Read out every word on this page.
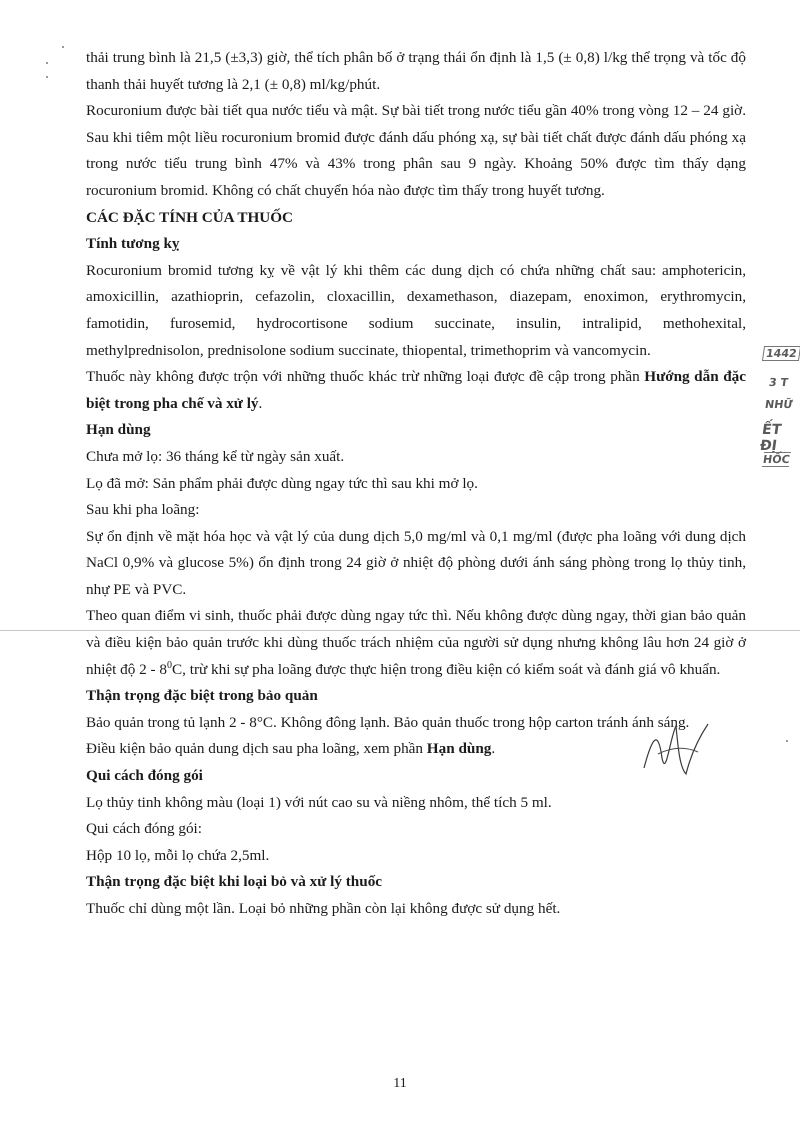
thải trung bình là 21,5 (±3,3) giờ, thể tích phân bố ở trạng thái ổn định là 1,5 (± 0,8) l/kg thể trọng và tốc độ thanh thải huyết tương là 2,1 (± 0,8) ml/kg/phút.

Rocuronium được bài tiết qua nước tiểu và mật. Sự bài tiết trong nước tiểu gần 40% trong vòng 12 – 24 giờ. Sau khi tiêm một liều rocuronium bromid được đánh dấu phóng xạ, sự bài tiết chất được đánh dấu phóng xạ trong nước tiểu trung bình 47% và 43% trong phân sau 9 ngày. Khoảng 50% được tìm thấy dạng rocuronium bromid. Không có chất chuyển hóa nào được tìm thấy trong huyết tương.

CÁC ĐẶC TÍNH CỦA THUỐC
Tính tương kỵ

Rocuronium bromid tương kỵ về vật lý khi thêm các dung dịch có chứa những chất sau: amphotericin, amoxicillin, azathioprin, cefazolin, cloxacillin, dexamethason, diazepam, enoximon, erythromycin, famotidin, furosemid, hydrocortisone sodium succinate, insulin, intralipid, methohexital, methylprednisolon, prednisolone sodium succinate, thiopental, trimethoprim và vancomycin.

Thuốc này không được trộn với những thuốc khác trừ những loại được đề cập trong phần Hướng dẫn đặc biệt trong pha chế và xử lý.

Hạn dùng

Chưa mở lọ: 36 tháng kể từ ngày sản xuất.

Lọ đã mở: Sản phẩm phải được dùng ngay tức thì sau khi mở lọ.

Sau khi pha loãng:

Sự ổn định về mặt hóa học và vật lý của dung dịch 5,0 mg/ml và 0,1 mg/ml (được pha loãng với dung dịch NaCl 0,9% và glucose 5%) ổn định trong 24 giờ ở nhiệt độ phòng dưới ánh sáng phòng trong lọ thủy tinh, nhự PE và PVC.

Theo quan điểm vi sinh, thuốc phải được dùng ngay tức thì. Nếu không được dùng ngay, thời gian bảo quản và điều kiện bảo quản trước khi dùng thuốc trách nhiệm của người sử dụng nhưng không lâu hơn 24 giờ ở nhiệt độ $2 - 8^0C$, trừ khi sự pha loãng được thực hiện trong điều kiện có kiểm soát và đánh giá vô khuẩn.

Thận trọng đặc biệt trong bảo quản

Bảo quản trong tủ lạnh 2 - 8°C. Không đông lạnh. Bảo quản thuốc trong hộp carton tránh ánh sáng.

Điều kiện bảo quản dung dịch sau pha loãng, xem phần Hạn dùng.

Qui cách đóng gói

Lọ thủy tinh không màu (loại 1) với nút cao su và niềng nhôm, thể tích 5 ml.

Qui cách đóng gói:

Hộp 10 lọ, mỗi lọ chứa 2,5ml.

Thận trọng đặc biệt khi loại bỏ và xử lý thuốc

Thuốc chỉ dùng một lần. Loại bỏ những phần còn lại không được sử dụng hết.

11
1442
3 T
NHỮ
ẾT ĐỊ
HỐC
